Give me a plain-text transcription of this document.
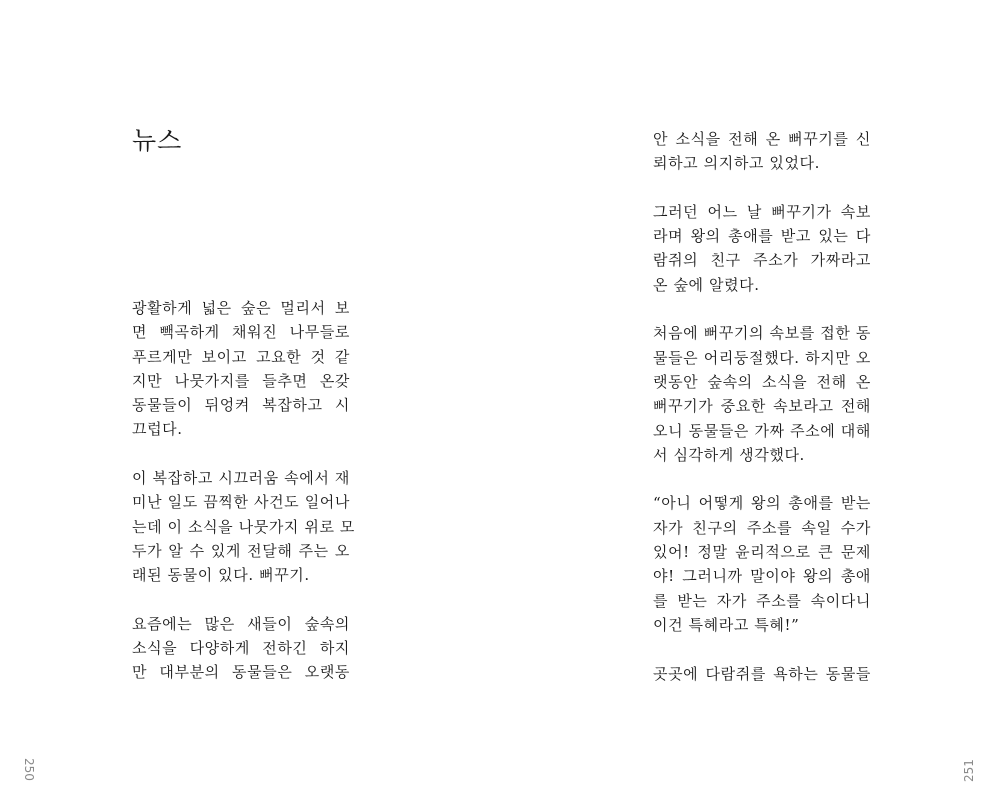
뉴스
광활하게 넓은 숲은 멀리서 보
면 빽곡하게 채워진 나무들로
푸르게만 보이고 고요한 것 같
지만 나뭇가지를 들추면 온갖
동물들이 뒤엉켜 복잡하고 시
끄럽다.
이 복잡하고 시끄러움 속에서 재
미난 일도 끔찍한 사건도 일어나
는데 이 소식을 나뭇가지 위로 모
두가 알 수 있게 전달해 주는 오
래된 동물이 있다. 뻐꾸기.
요즘에는 많은 새들이 숲속의
소식을 다양하게 전하긴 하지
만 대부분의 동물들은 오랫동
250
안 소식을 전해 온 뻐꾸기를 신
뢰하고 의지하고 있었다.
그러던 어느 날 뻐꾸기가 속보
라며 왕의 총애를 받고 있는 다
람쥐의 친구 주소가 가짜라고
온 숲에 알렸다.
처음에 뻐꾸기의 속보를 접한 동
물들은 어리둥절했다. 하지만 오
랫동안 숲속의 소식을 전해 온
뻐꾸기가 중요한 속보라고 전해
오니 동물들은 가짜 주소에 대해
서 심각하게 생각했다.
“아니 어떻게 왕의 총애를 받는
자가 친구의 주소를 속일 수가
있어! 정말 윤리적으로 큰 문제
야! 그러니까 말이야 왕의 총애
를 받는 자가 주소를 속이다니
이건 특혜라고 특혜!”
곳곳에 다람쥐를 욕하는 동물들
251
